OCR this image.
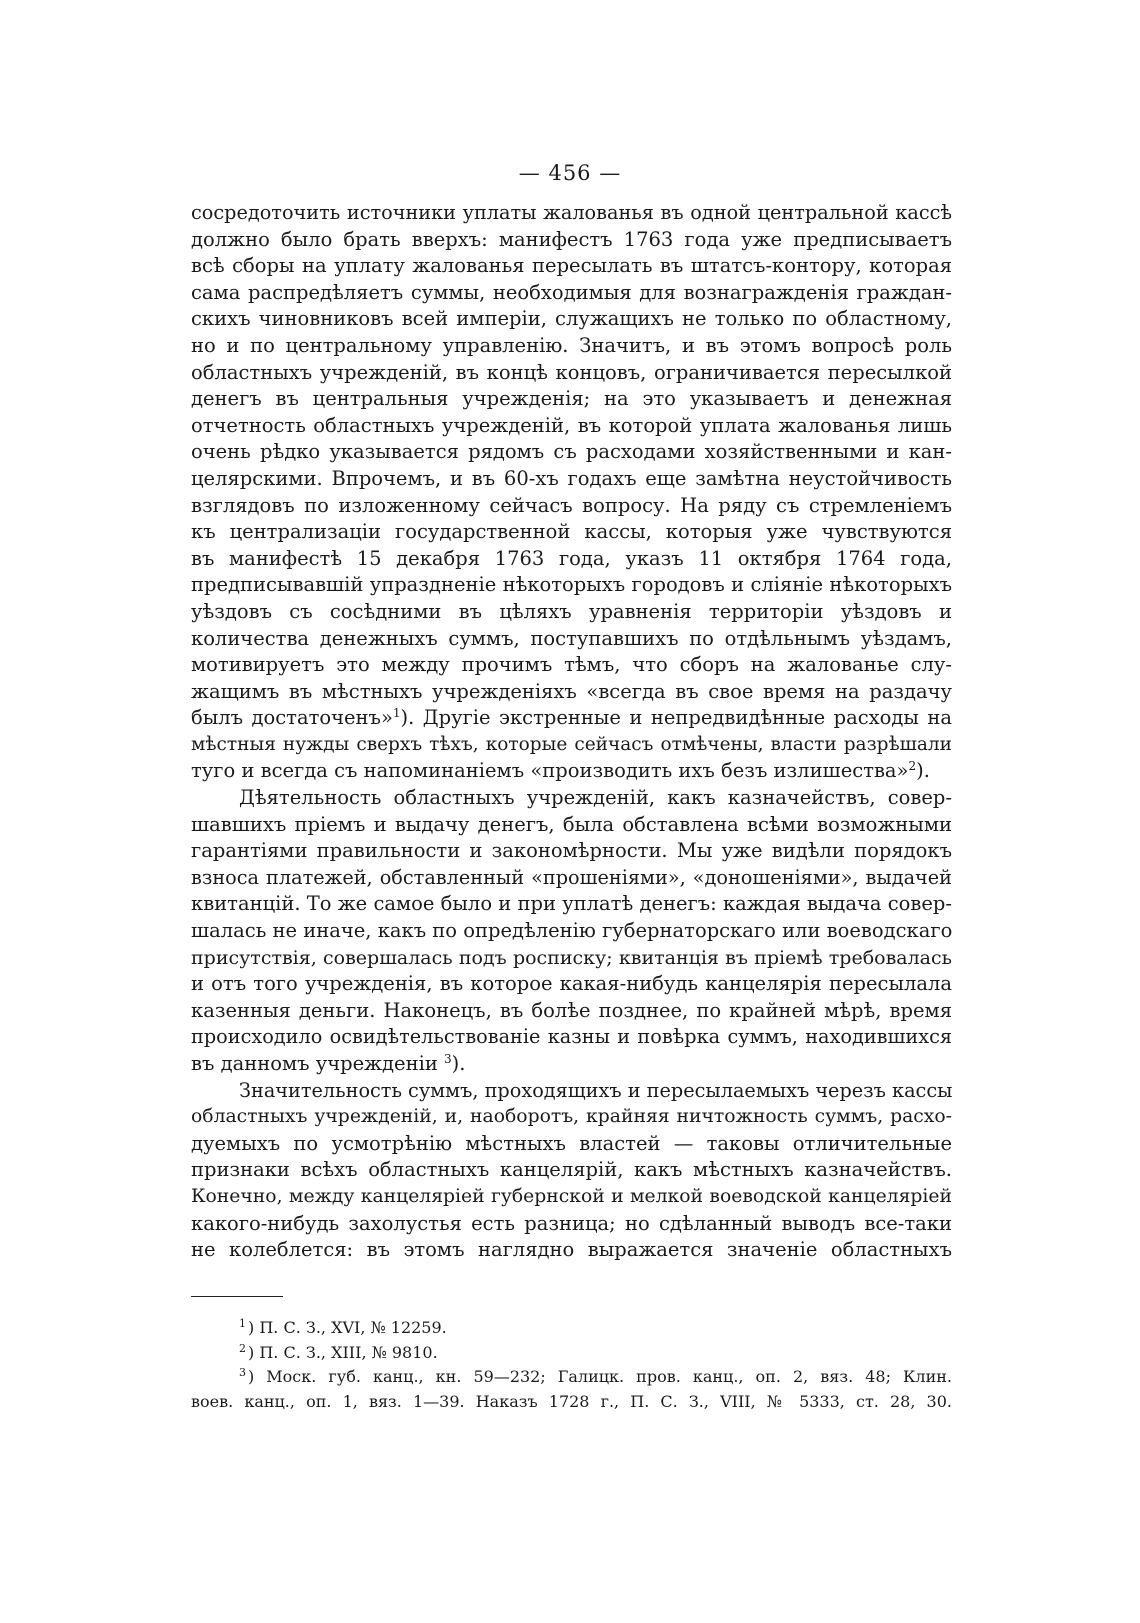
— 456 —

сосредоточить источники уплаты жалованья въ одной центральной кассѣ
должно было брать вверхъ: манифестъ 1763 года уже предписываетъ
всѣ сборы на уплату жалованья пересылать въ штатсъ-контору, которая
сама распредѣляетъ суммы, необходимыя для вознагражденія граждан-
скихъ чиновниковъ всей имперіи, служащихъ не только по областному,
но и по центральному управленію. Значитъ, и въ этомъ вопросѣ роль
областныхъ учрежденій, въ концѣ концовъ, ограничивается пересылкой
денегъ въ центральныя учрежденія; на это указываетъ и денежная
отчетность областныхъ учрежденій, въ которой уплата жалованья лишь
очень рѣдко указывается рядомъ съ расходами хозяйственными и кан-
целярскими. Впрочемъ, и въ 60-хъ годахъ еще замѣтна неустойчивость
взглядовъ по изложенному сейчасъ вопросу. На ряду съ стремленіемъ
къ централизаціи государственной кассы, которыя уже чувствуются
въ манифестѣ 15 декабря 1763 года, указъ 11 октября 1764 года,
предписывавшій упраздненіе нѣкоторыхъ городовъ и сліяніе нѣкоторыхъ
уѣздовъ съ сосѣдними въ цѣляхъ уравненія территоріи уѣздовъ и
количества денежныхъ суммъ, поступавшихъ по отдѣльнымъ уѣздамъ,
мотивируетъ это между прочимъ тѣмъ, что сборъ на жалованье слу-
жащимъ въ мѣстныхъ учрежденіяхъ «всегда въ свое время на раздачу
былъ достаточенъ»$^1$). Другіе экстренные и непредвидѣнные расходы на
мѣстныя нужды сверхъ тѣхъ, которые сейчасъ отмѣчены, власти разрѣшали
туго и всегда съ напоминаніемъ «производить ихъ безъ излишества»$^2$).

Дѣятельность областныхъ учрежденій, какъ казначействъ, совер-
шавшихъ пріемъ и выдачу денегъ, была обставлена всѣми возможными
гарантіями правильности и закономѣрности. Мы уже видѣли порядокъ
взноса платежей, обставленный «прошеніями», «доношеніями», выдачей
квитанцій. То же самое было и при уплатѣ денегъ: каждая выдача совер-
шалась не иначе, какъ по опредѣленію губернаторскаго или воеводскаго
присутствія, совершалась подъ росписку; квитанція въ пріемѣ требовалась
и отъ того учрежденія, въ которое какая-нибудь канцелярія пересылала
казенныя деньги. Наконецъ, въ болѣе позднее, по крайней мѣрѣ, время
происходило освидѣтельствованіе казны и повѣрка суммъ, находившихся
въ данномъ учрежденіи $^3$).

Значительность суммъ, проходящихъ и пересылаемыхъ черезъ кассы
областныхъ учрежденій, и, наоборотъ, крайняя ничтожность суммъ, расхо-
дуемыхъ по усмотрѣнію мѣстныхъ властей — таковы отличительные
признаки всѣхъ областныхъ канцелярій, какъ мѣстныхъ казначействъ.
Конечно, между канцеляріей губернской и мелкой воеводской канцеляріей
какого-нибудь захолустья есть разница; но сдѣланный выводъ все-таки
не колеблется: въ этомъ наглядно выражается значеніе областныхъ

$^1$ ) П. С. З., XVI, № 12259.
$^2$ ) П. С. З., XIII, № 9810.
$^3$ ) Моск. губ. канц., кн. 59—232; Галицк. пров. канц., оп. 2, вяз. 48; Клин.
воев. канц., оп. 1, вяз. 1—39. Наказъ 1728 г., П. С. З., VIII, № 5333, ст. 28, 30.
